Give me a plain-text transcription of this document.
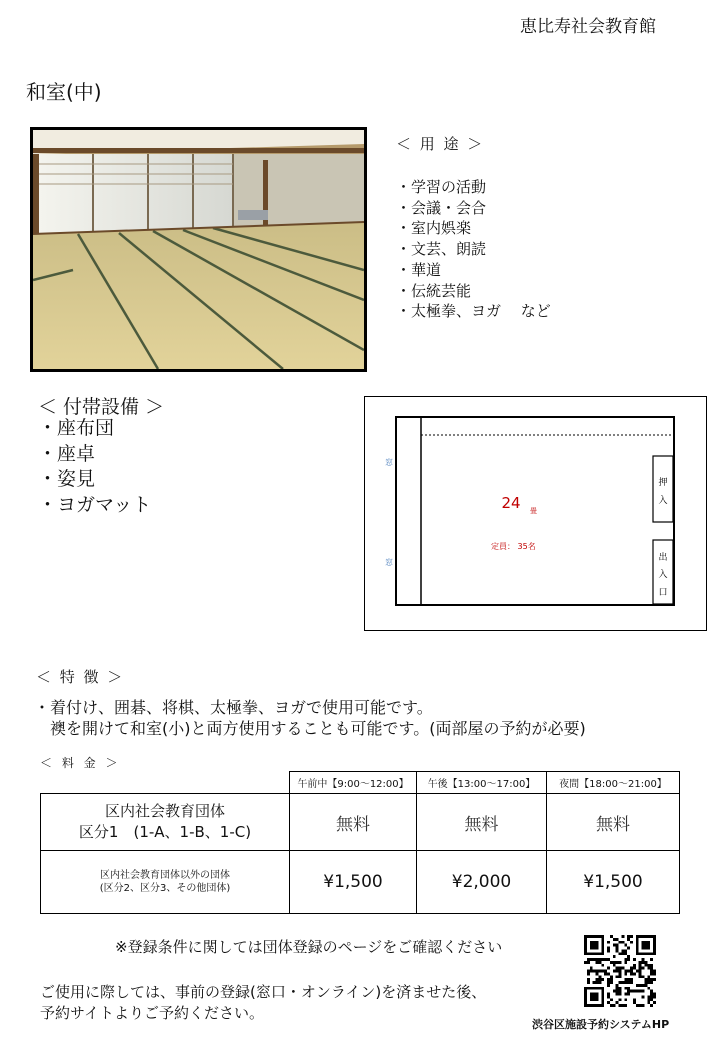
恵比寿社会教育館
和室(中)
＜ 用 途 ＞
・学習の活動
・会議・会合
・室内娯楽
・文芸、朗読
・華道
・伝統芸能
・太極拳、ヨガ　 など
＜ 付帯設備 ＞
・座布団
・座卓
・姿見
・ヨガマット
窓
窓
24 畳
定員： 35名
押
入
出
入
口
＜ 特 徴 ＞
・着付け、囲碁、将棋、太極拳、ヨガで使用可能です。
襖を開けて和室(小)と両方使用することも可能です。(両部屋の予約が必要)
＜ 料 金 ＞
	午前中【9:00～12:00】	午後【13:00～17:00】	夜間【18:00～21:00】

区内社会教育団体
区分1　(1-A、1-B、1-C)	無料	無料	無料

区内社会教育団体以外の団体
(区分2、区分3、その他団体)	¥1,500	¥2,000	¥1,500
※登録条件に関しては団体登録のページをご確認ください
ご使用に際しては、事前の登録(窓口・オンライン)を済ませた後、
予約サイトよりご予約ください。
渋谷区施設予約システムHP
